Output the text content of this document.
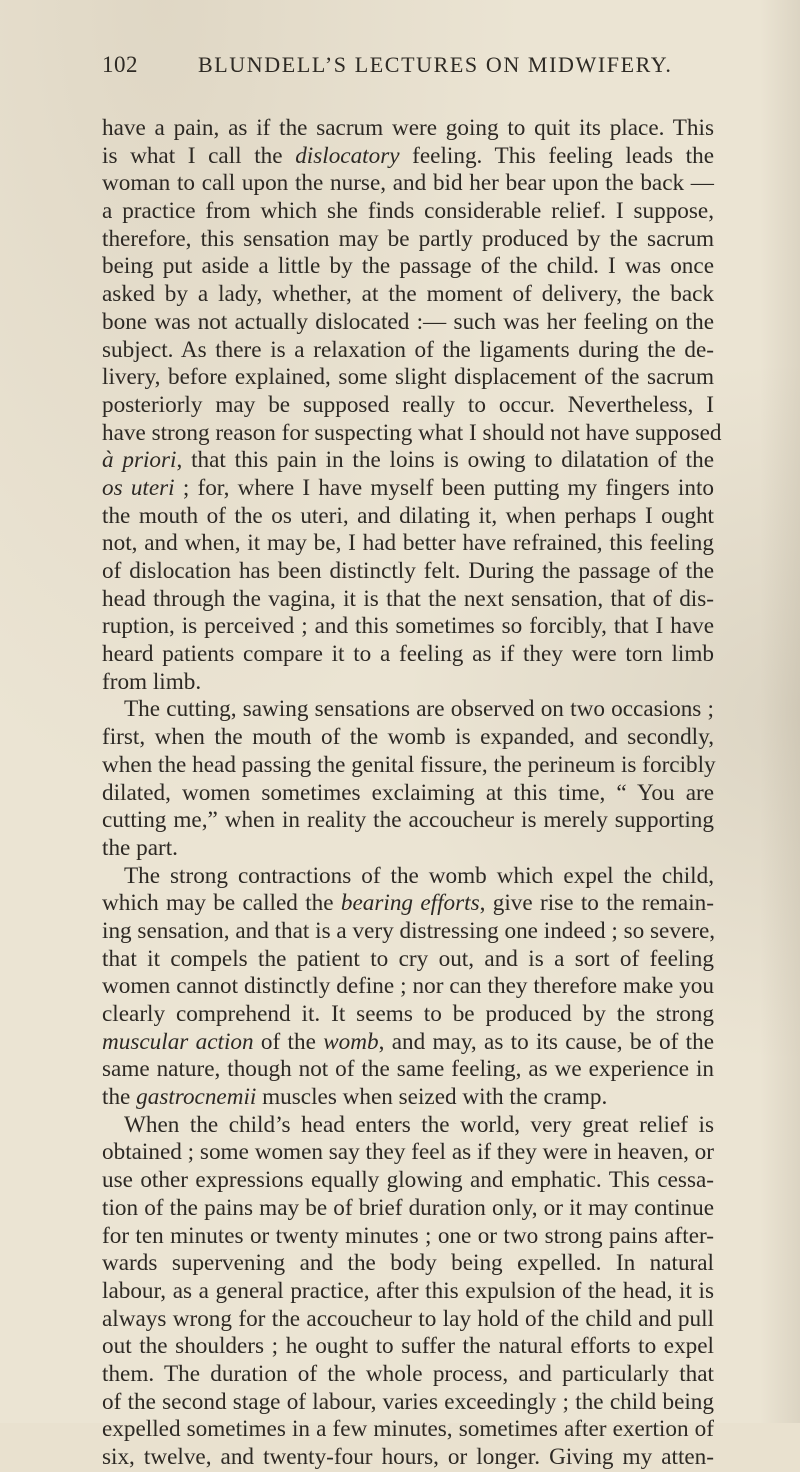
102	BLUNDELL’S LECTURES ON MIDWIFERY.
have a pain, as if the sacrum were going to quit its place. This
is what I call the dislocatory feeling. This feeling leads the
woman to call upon the nurse, and bid her bear upon the back —
a practice from which she finds considerable relief. I suppose,
therefore, this sensation may be partly produced by the sacrum
being put aside a little by the passage of the child. I was once
asked by a lady, whether, at the moment of delivery, the back
bone was not actually dislocated :— such was her feeling on the
subject. As there is a relaxation of the ligaments during the de-
livery, before explained, some slight displacement of the sacrum
posteriorly may be supposed really to occur. Nevertheless, I
have strong reason for suspecting what I should not have supposed
à priori, that this pain in the loins is owing to dilatation of the
os uteri ; for, where I have myself been putting my fingers into
the mouth of the os uteri, and dilating it, when perhaps I ought
not, and when, it may be, I had better have refrained, this feeling
of dislocation has been distinctly felt. During the passage of the
head through the vagina, it is that the next sensation, that of dis-
ruption, is perceived ; and this sometimes so forcibly, that I have
heard patients compare it to a feeling as if they were torn limb
from limb.
The cutting, sawing sensations are observed on two occasions ;
first, when the mouth of the womb is expanded, and secondly,
when the head passing the genital fissure, the perineum is forcibly
dilated, women sometimes exclaiming at this time, “ You are
cutting me,” when in reality the accoucheur is merely supporting
the part.
The strong contractions of the womb which expel the child,
which may be called the bearing efforts, give rise to the remain-
ing sensation, and that is a very distressing one indeed ; so severe,
that it compels the patient to cry out, and is a sort of feeling
women cannot distinctly define ; nor can they therefore make you
clearly comprehend it. It seems to be produced by the strong
muscular action of the womb, and may, as to its cause, be of the
same nature, though not of the same feeling, as we experience in
the gastrocnemii muscles when seized with the cramp.
When the child’s head enters the world, very great relief is
obtained ; some women say they feel as if they were in heaven, or
use other expressions equally glowing and emphatic. This cessa-
tion of the pains may be of brief duration only, or it may continue
for ten minutes or twenty minutes ; one or two strong pains after-
wards supervening and the body being expelled. In natural
labour, as a general practice, after this expulsion of the head, it is
always wrong for the accoucheur to lay hold of the child and pull
out the shoulders ; he ought to suffer the natural efforts to expel
them. The duration of the whole process, and particularly that
of the second stage of labour, varies exceedingly ; the child being
expelled sometimes in a few minutes, sometimes after exertion of
six, twelve, and twenty-four hours, or longer. Giving my atten-
